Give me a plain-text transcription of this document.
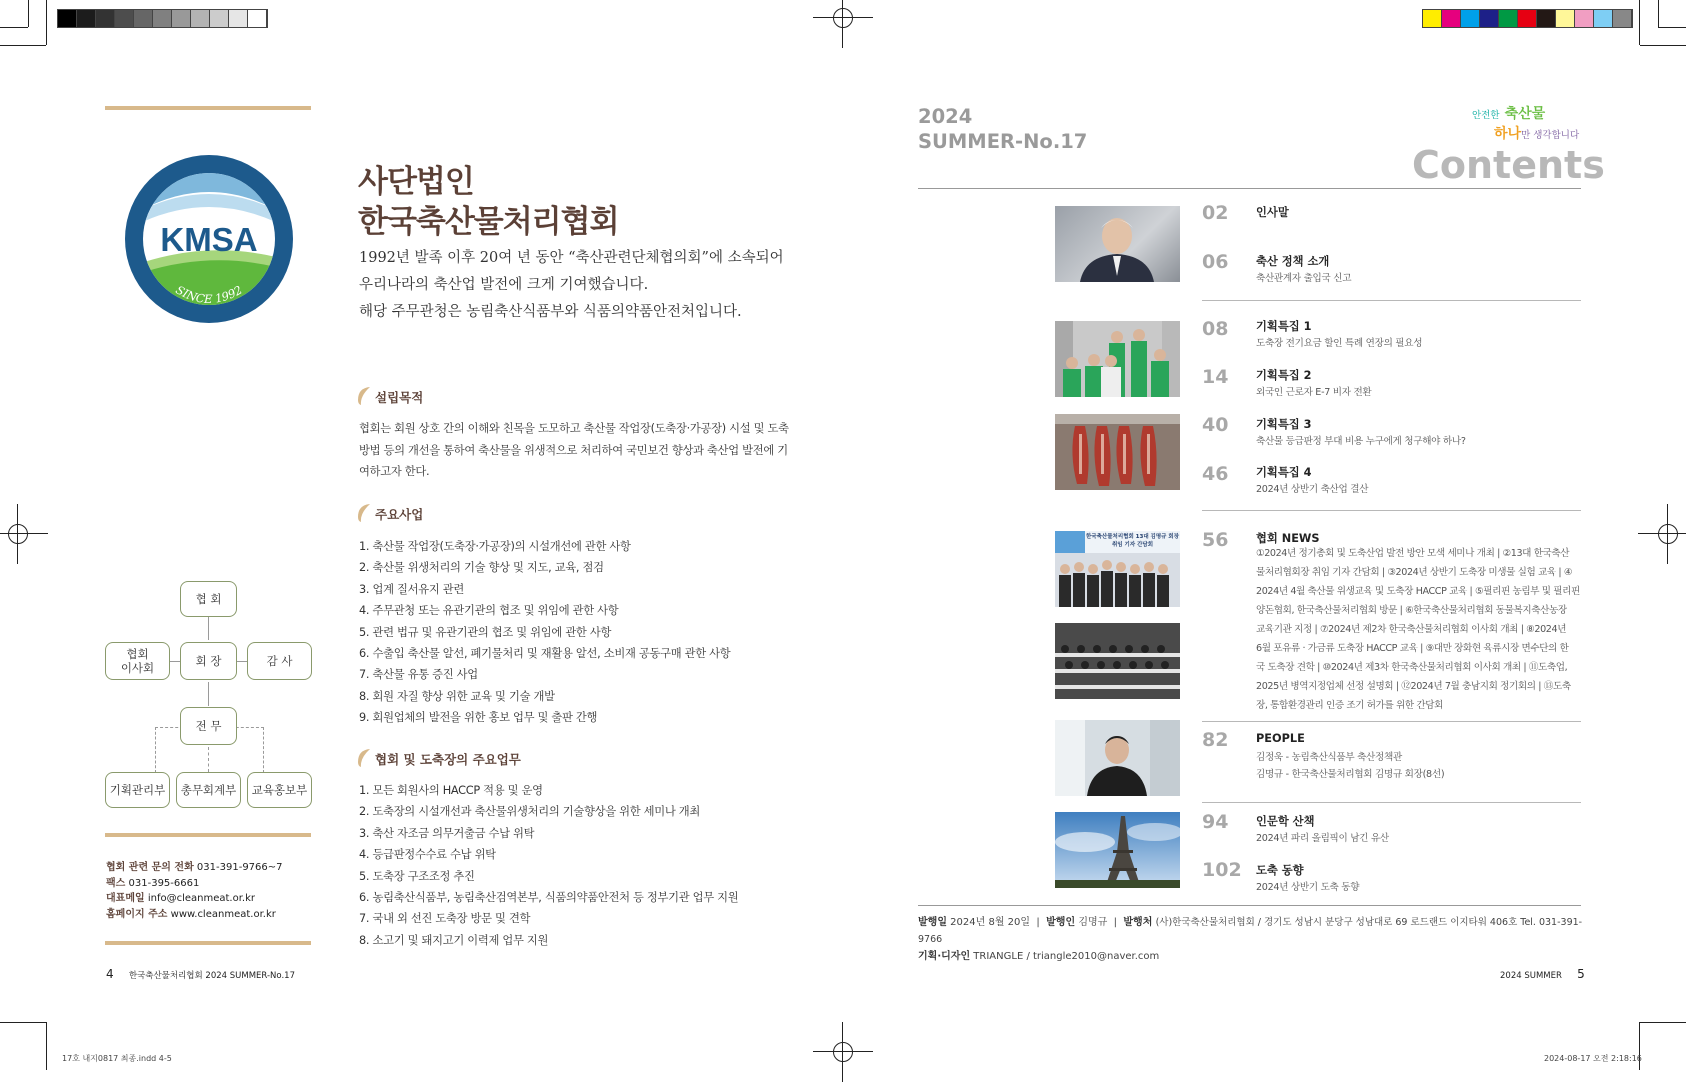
KMSA
SINCE 1992
사단법인
한국축산물처리협회
1992년 발족 이후 20여 년 동안 “축산관련단체협의회”에 소속되어
우리나라의 축산업 발전에 크게 기여했습니다.
해당 주무관청은 농림축산식품부와 식품의약품안전처입니다.
설립목적
협회는 회원 상호 간의 이해와 친목을 도모하고 축산물 작업장(도축장·가공장) 시설 및 도축
방법 등의 개선을 통하여 축산물을 위생적으로 처리하여 국민보건 향상과 축산업 발전에 기
여하고자 한다.
주요사업
1. 축산물 작업장(도축장·가공장)의 시설개선에 관한 사항
2. 축산물 위생처리의 기술 향상 및 지도, 교육, 점검
3. 업계 질서유지 관련
4. 주무관청 또는 유관기관의 협조 및 위임에 관한 사항
5. 관련 법규 및 유관기관의 협조 및 위임에 관한 사항
6. 수출입 축산물 알선, 폐기물처리 및 재활용 알선, 소비재 공동구매 관한 사항
7. 축산물 유통 증진 사업
8. 회원 자질 향상 위한 교육 및 기술 개발
9. 회원업체의 발전을 위한 홍보 업무 및 출판 간행
협회 및 도축장의 주요업무
1. 모든 회원사의 HACCP 적용 및 운영
2. 도축장의 시설개선과 축산물위생처리의 기술향상을 위한 세미나 개최
3. 축산 자조금 의무거출금 수납 위탁
4. 등급판정수수료 수납 위탁
5. 도축장 구조조정 추진
6. 농림축산식품부, 농림축산검역본부, 식품의약품안전처 등 정부기관 업무 지원
7. 국내 외 선진 도축장 방문 및 견학
8. 소고기 및 돼지고기 이력제 업무 지원
협 회
협회
이사회	회 장	감 사
전 무
기획관리부	총무회계부	교육홍보부
협회 관련 문의 전화 031-391-9766~7
팩스 031-395-6661
대표메일 info@cleanmeat.or.kr
홈페이지 주소 www.cleanmeat.or.kr
4 한국축산물처리협회 2024 SUMMER-No.17
2024
SUMMER-No.17
안전한 축산물
하나만 생각합니다
Contents
한국축산물처리협회 13대 김명규 회장 취임 기자 간담회
02 인사말
06 축산 정책 소개
축산관계자 출입국 신고
08 기획특집 1
도축장 전기요금 할인 특례 연장의 필요성
14 기획특집 2
외국인 근로자 E-7 비자 전환
40 기획특집 3
축산물 등급판정 부대 비용 누구에게 청구해야 하나?
46 기획특집 4
2024년 상반기 축산업 결산
56 협회 NEWS
①2024년 정기총회 및 도축산업 발전 방안 모색 세미나 개최 | ②13대 한국축산
물처리협회장 취임 기자 간담회 | ③2024년 상반기 도축장 미생물 실험 교육 | ④
2024년 4월 축산물 위생교육 및 도축장 HACCP 교육 | ⑤필리핀 농림부 및 필리핀
양돈협회, 한국축산물처리협회 방문 | ⑥한국축산물처리협회 동물복지축산농장
교육기관 지정 | ⑦2024년 제2차 한국축산물처리협회 이사회 개최 | ⑧2024년
6월 포유류 · 가금류 도축장 HACCP 교육 | ⑨대만 장화현 육류시장 면수단의 한
국 도축장 견학 | ⑩2024년 제3차 한국축산물처리협회 이사회 개최 | ⑪도축업,
2025년 병역지정업체 선정 설명회 | ⑫2024년 7월 충남지회 정기회의 | ⑬도축
장, 통합환경관리 인증 조기 허가를 위한 간담회
82 PEOPLE
김정욱 - 농림축산식품부 축산정책관
김명규 - 한국축산물처리협회 김명규 회장(8선)
94 인문학 산책
2024년 파리 올림픽이 남긴 유산
102 도축 동향
2024년 상반기 도축 동향
발행일 2024년 8월 20일  |  발행인 김명규  |  발행처 (사)한국축산물처리협회 / 경기도 성남시 분당구 성남대로 69 로드랜드 이지타워 406호 Tel. 031-391-9766
기획·디자인 TRIANGLE / triangle2010@naver.com
2024 SUMMER 5
17호 내지0817 최종.indd 4-5	2024-08-17 오전 2:18:16
